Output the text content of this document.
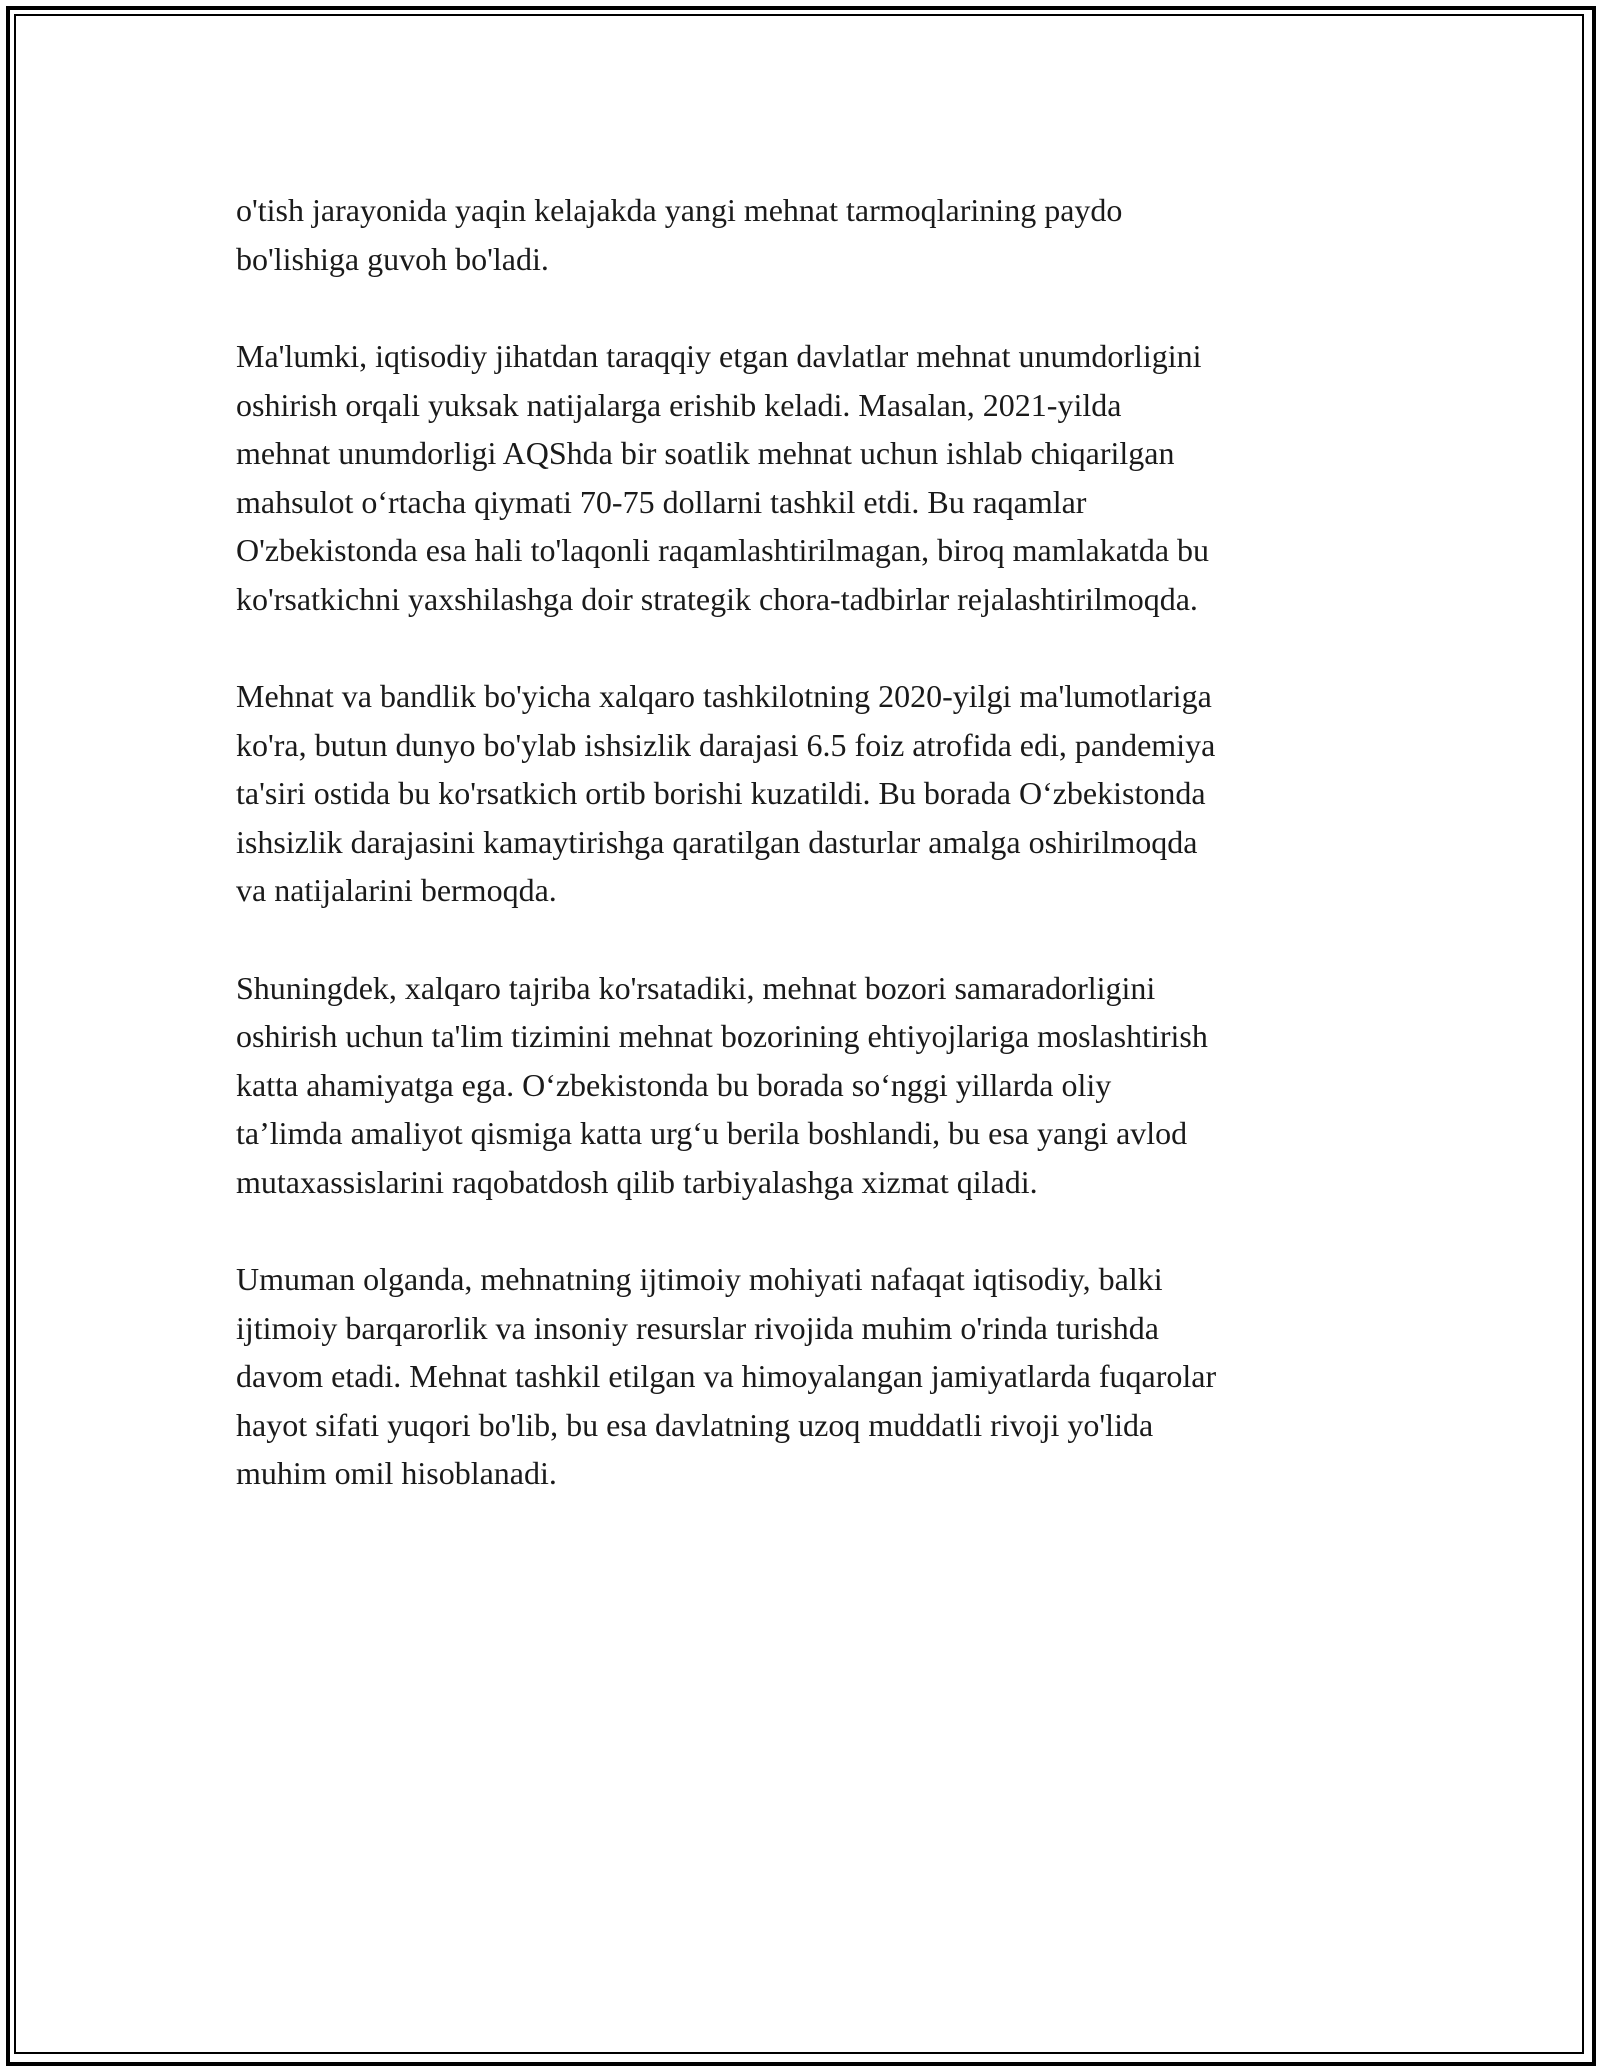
o'tish jarayonida yaqin kelajakda yangi mehnat tarmoqlarining paydo
bo'lishiga guvoh bo'ladi.

Ma'lumki, iqtisodiy jihatdan taraqqiy etgan davlatlar mehnat unumdorligini
oshirish orqali yuksak natijalarga erishib keladi. Masalan, 2021-yilda
mehnat unumdorligi AQShda bir soatlik mehnat uchun ishlab chiqarilgan
mahsulot o‘rtacha qiymati 70-75 dollarni tashkil etdi. Bu raqamlar
O'zbekistonda esa hali to'laqonli raqamlashtirilmagan, biroq mamlakatda bu
ko'rsatkichni yaxshilashga doir strategik chora-tadbirlar rejalashtirilmoqda.

Mehnat va bandlik bo'yicha xalqaro tashkilotning 2020-yilgi ma'lumotlariga
ko'ra, butun dunyo bo'ylab ishsizlik darajasi 6.5 foiz atrofida edi, pandemiya
ta'siri ostida bu ko'rsatkich ortib borishi kuzatildi. Bu borada O‘zbekistonda
ishsizlik darajasini kamaytirishga qaratilgan dasturlar amalga oshirilmoqda
va natijalarini bermoqda.

Shuningdek, xalqaro tajriba ko'rsatadiki, mehnat bozori samaradorligini
oshirish uchun ta'lim tizimini mehnat bozorining ehtiyojlariga moslashtirish
katta ahamiyatga ega. O‘zbekistonda bu borada so‘nggi yillarda oliy
ta’limda amaliyot qismiga katta urg‘u berila boshlandi, bu esa yangi avlod
mutaxassislarini raqobatdosh qilib tarbiyalashga xizmat qiladi.

Umuman olganda, mehnatning ijtimoiy mohiyati nafaqat iqtisodiy, balki
ijtimoiy barqarorlik va insoniy resurslar rivojida muhim o'rinda turishda
davom etadi. Mehnat tashkil etilgan va himoyalangan jamiyatlarda fuqarolar
hayot sifati yuqori bo'lib, bu esa davlatning uzoq muddatli rivoji yo'lida
muhim omil hisoblanadi.
